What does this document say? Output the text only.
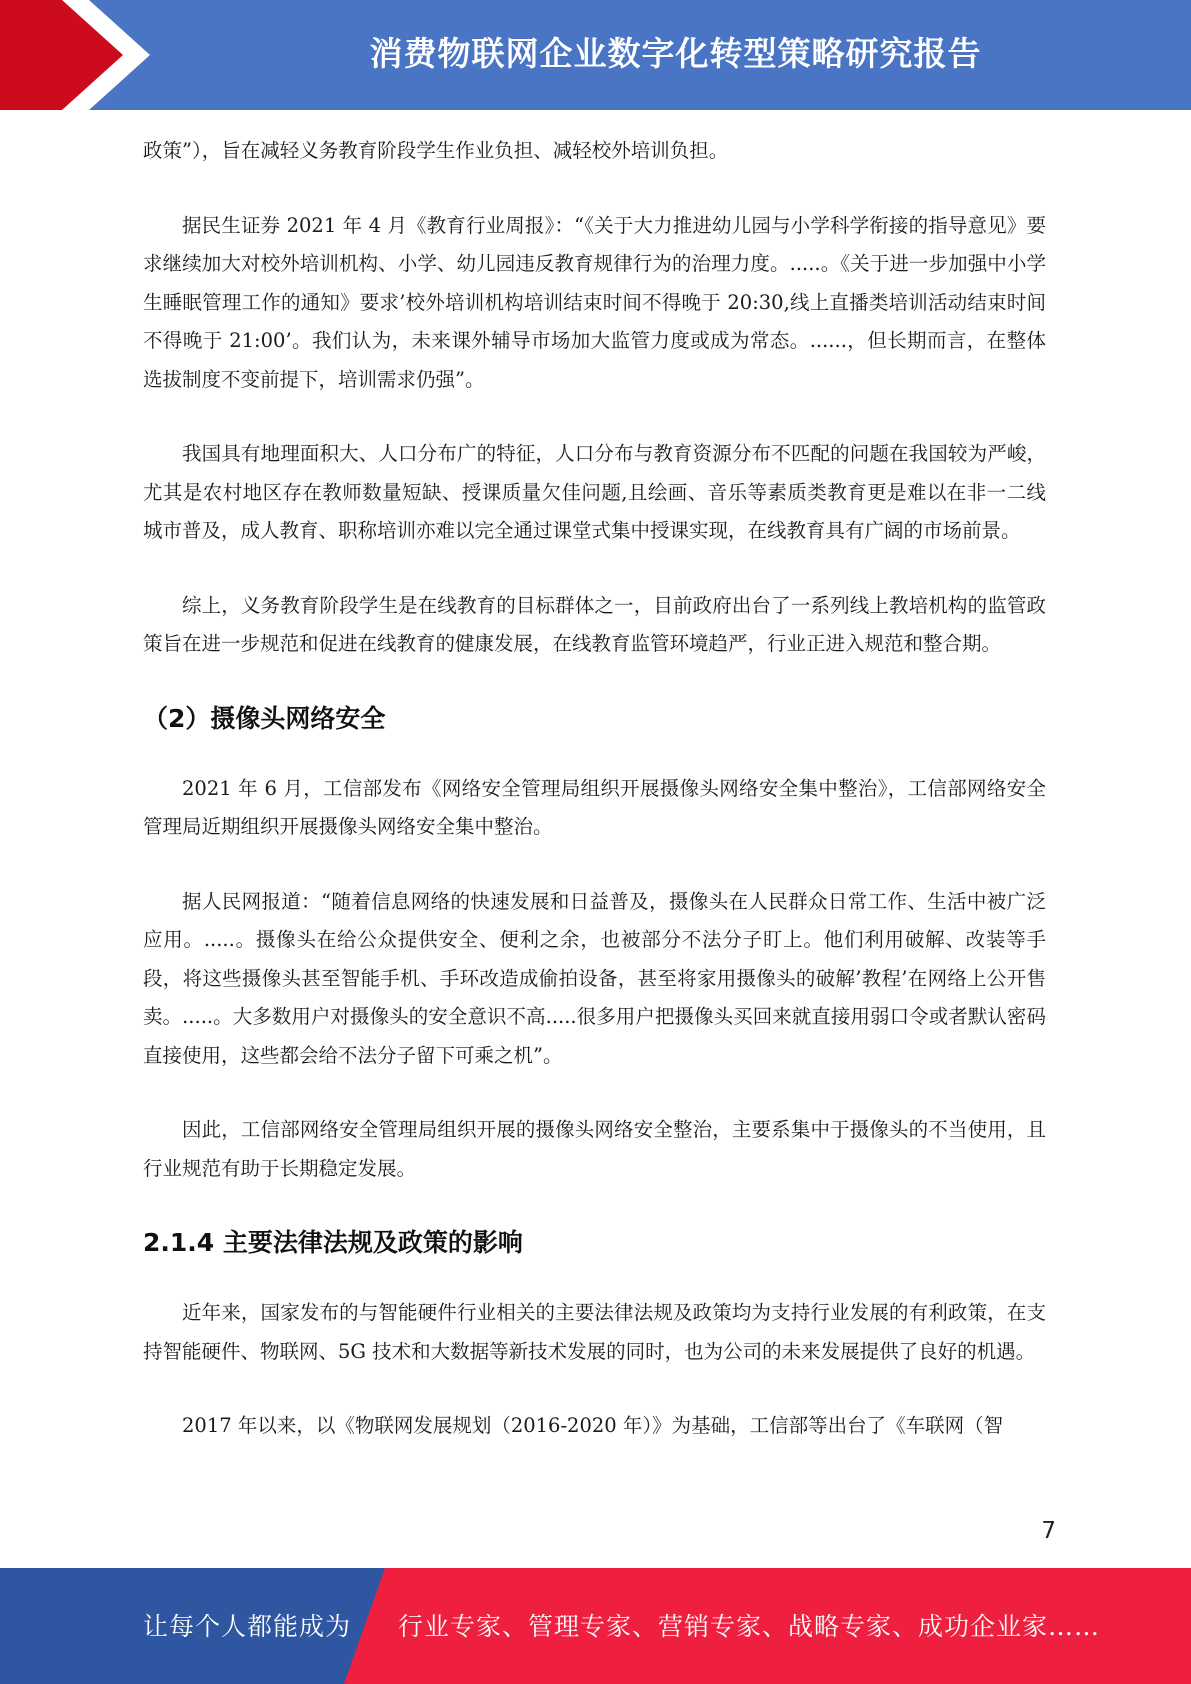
消费物联网企业数字化转型策略研究报告

政策”），旨在减轻义务教育阶段学生作业负担、减轻校外培训负担。

据民生证券 2021 年 4 月《教育行业周报》：“《关于大力推进幼儿园与小学科学衔接的指导意见》要求继续加大对校外培训机构、小学、幼儿园违反教育规律行为的治理力度。.....。《关于进一步加强中小学生睡眠管理工作的通知》要求’校外培训机构培训结束时间不得晚于 20:30,线上直播类培训活动结束时间不得晚于 21:00’。我们认为，未来课外辅导市场加大监管力度或成为常态。......，但长期而言，在整体选拔制度不变前提下，培训需求仍强”。

我国具有地理面积大、人口分布广的特征，人口分布与教育资源分布不匹配的问题在我国较为严峻，尤其是农村地区存在教师数量短缺、授课质量欠佳问题,且绘画、音乐等素质类教育更是难以在非一二线城市普及，成人教育、职称培训亦难以完全通过课堂式集中授课实现，在线教育具有广阔的市场前景。

综上，义务教育阶段学生是在线教育的目标群体之一，目前政府出台了一系列线上教培机构的监管政策旨在进一步规范和促进在线教育的健康发展，在线教育监管环境趋严，行业正进入规范和整合期。

（2）摄像头网络安全

2021 年 6 月，工信部发布《网络安全管理局组织开展摄像头网络安全集中整治》，工信部网络安全管理局近期组织开展摄像头网络安全集中整治。

据人民网报道：“随着信息网络的快速发展和日益普及，摄像头在人民群众日常工作、生活中被广泛应用。.....。摄像头在给公众提供安全、便利之余，也被部分不法分子盯上。他们利用破解、改装等手段，将这些摄像头甚至智能手机、手环改造成偷拍设备，甚至将家用摄像头的破解’教程’在网络上公开售卖。.....。大多数用户对摄像头的安全意识不高.....很多用户把摄像头买回来就直接用弱口令或者默认密码直接使用，这些都会给不法分子留下可乘之机”。

因此，工信部网络安全管理局组织开展的摄像头网络安全整治，主要系集中于摄像头的不当使用，且行业规范有助于长期稳定发展。

2.1.4 主要法律法规及政策的影响

近年来，国家发布的与智能硬件行业相关的主要法律法规及政策均为支持行业发展的有利政策，在支持智能硬件、物联网、5G 技术和大数据等新技术发展的同时，也为公司的未来发展提供了良好的机遇。

2017 年以来，以《物联网发展规划（2016-2020 年）》为基础，工信部等出台了《车联网（智

7
让每个人都能成为 行业专家、管理专家、营销专家、战略专家、成功企业家……
